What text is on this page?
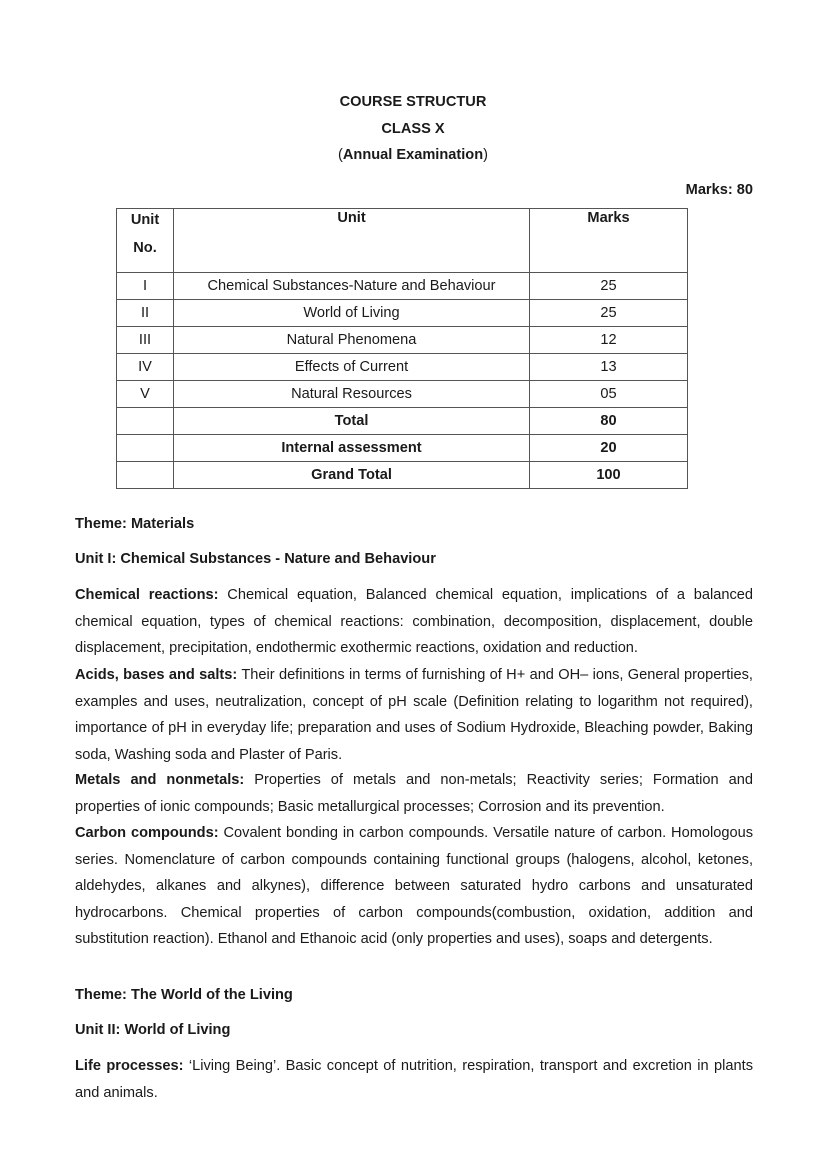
COURSE STRUCTUR
CLASS X
(Annual Examination)
Marks: 80
Unit
No.	Unit	Marks
I	Chemical Substances-Nature and Behaviour	25
II	World of Living	25
III	Natural Phenomena	12
IV	Effects of Current	13
V	Natural Resources	05
	Total	80
	Internal assessment	20
	Grand Total	100
Theme: Materials
Unit I: Chemical Substances - Nature and Behaviour
Chemical reactions: Chemical equation, Balanced chemical equation, implications of a balanced chemical equation, types of chemical reactions: combination, decomposition, displacement, double displacement, precipitation, endothermic exothermic reactions, oxidation and reduction.
Acids, bases and salts: Their definitions in terms of furnishing of H+ and OH– ions, General properties, examples and uses, neutralization, concept of pH scale (Definition relating to logarithm not required), importance of pH in everyday life; preparation and uses of Sodium Hydroxide, Bleaching powder, Baking soda, Washing soda and Plaster of Paris.
Metals and nonmetals: Properties of metals and non-metals; Reactivity series; Formation and properties of ionic compounds; Basic metallurgical processes; Corrosion and its prevention.
Carbon compounds: Covalent bonding in carbon compounds. Versatile nature of carbon. Homologous series. Nomenclature of carbon compounds containing functional groups (halogens, alcohol, ketones, aldehydes, alkanes and alkynes), difference between saturated hydro carbons and unsaturated hydrocarbons. Chemical properties of carbon compounds(combustion, oxidation, addition and substitution reaction). Ethanol and Ethanoic acid (only properties and uses), soaps and detergents.
Theme: The World of the Living
Unit II: World of Living
Life processes: ‘Living Being’. Basic concept of nutrition, respiration, transport and excretion in plants and animals.
